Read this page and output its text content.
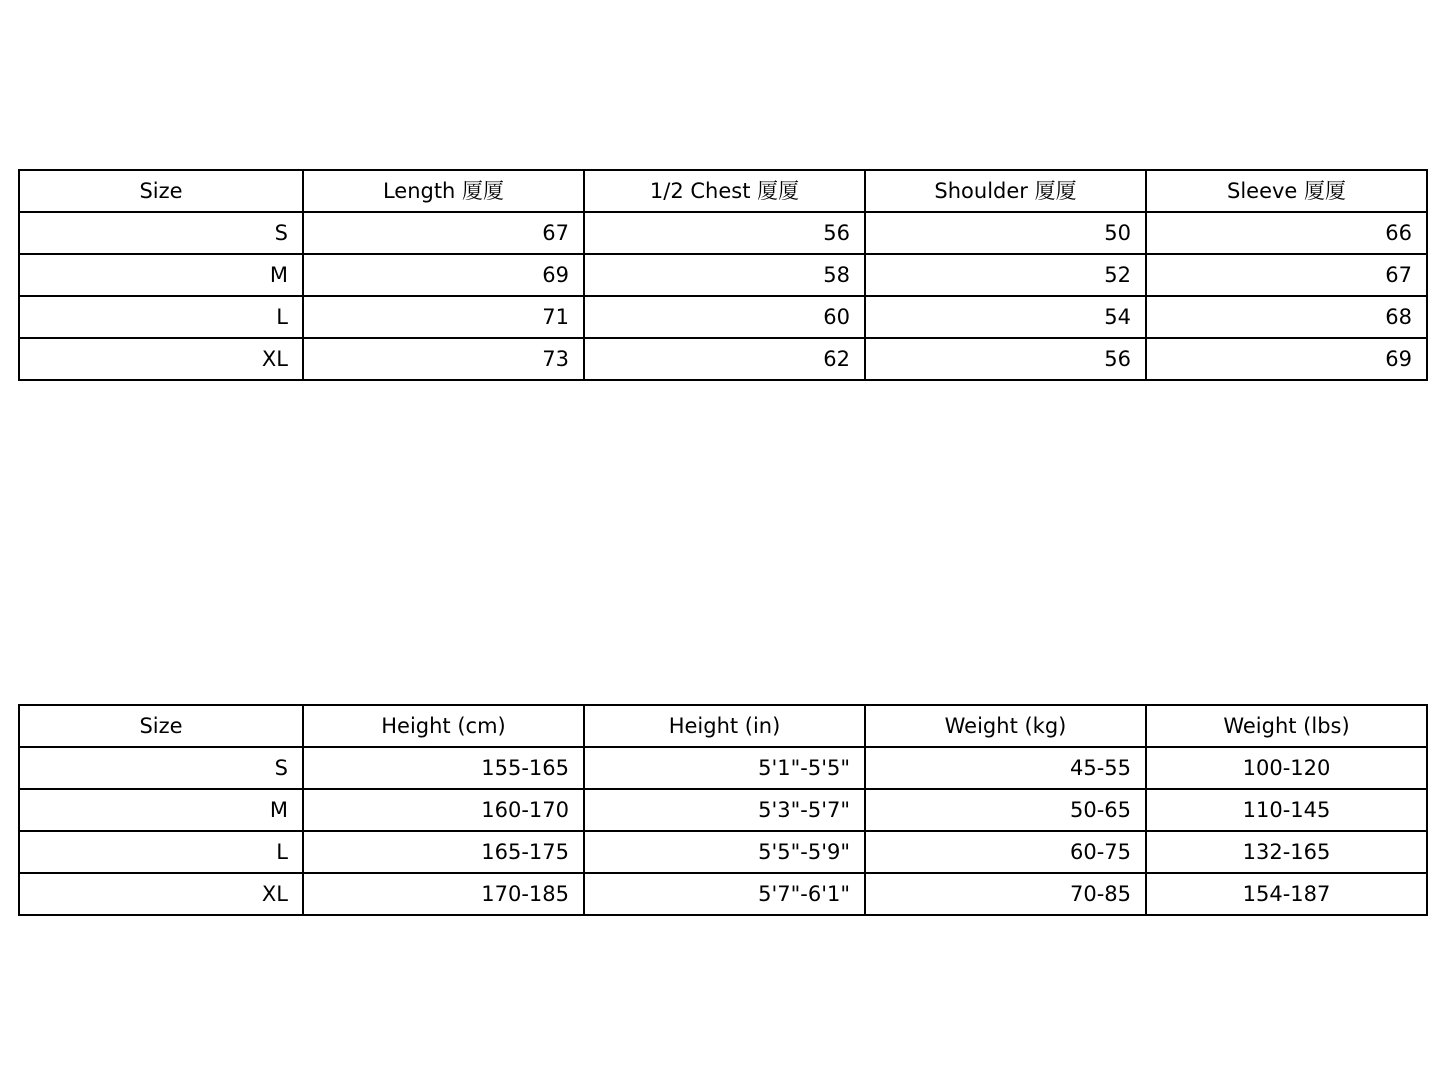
Size	Length 厦厦	1/2 Chest 厦厦	Shoulder 厦厦	Sleeve 厦厦
S	67	56	50	66
M	69	58	52	67
L	71	60	54	68
XL	73	62	56	69
Size	Height (cm)	Height (in)	Weight (kg)	Weight (lbs)
S	155-165	5'1"-5'5"	45-55	100-120
M	160-170	5'3"-5'7"	50-65	110-145
L	165-175	5'5"-5'9"	60-75	132-165
XL	170-185	5'7"-6'1"	70-85	154-187
